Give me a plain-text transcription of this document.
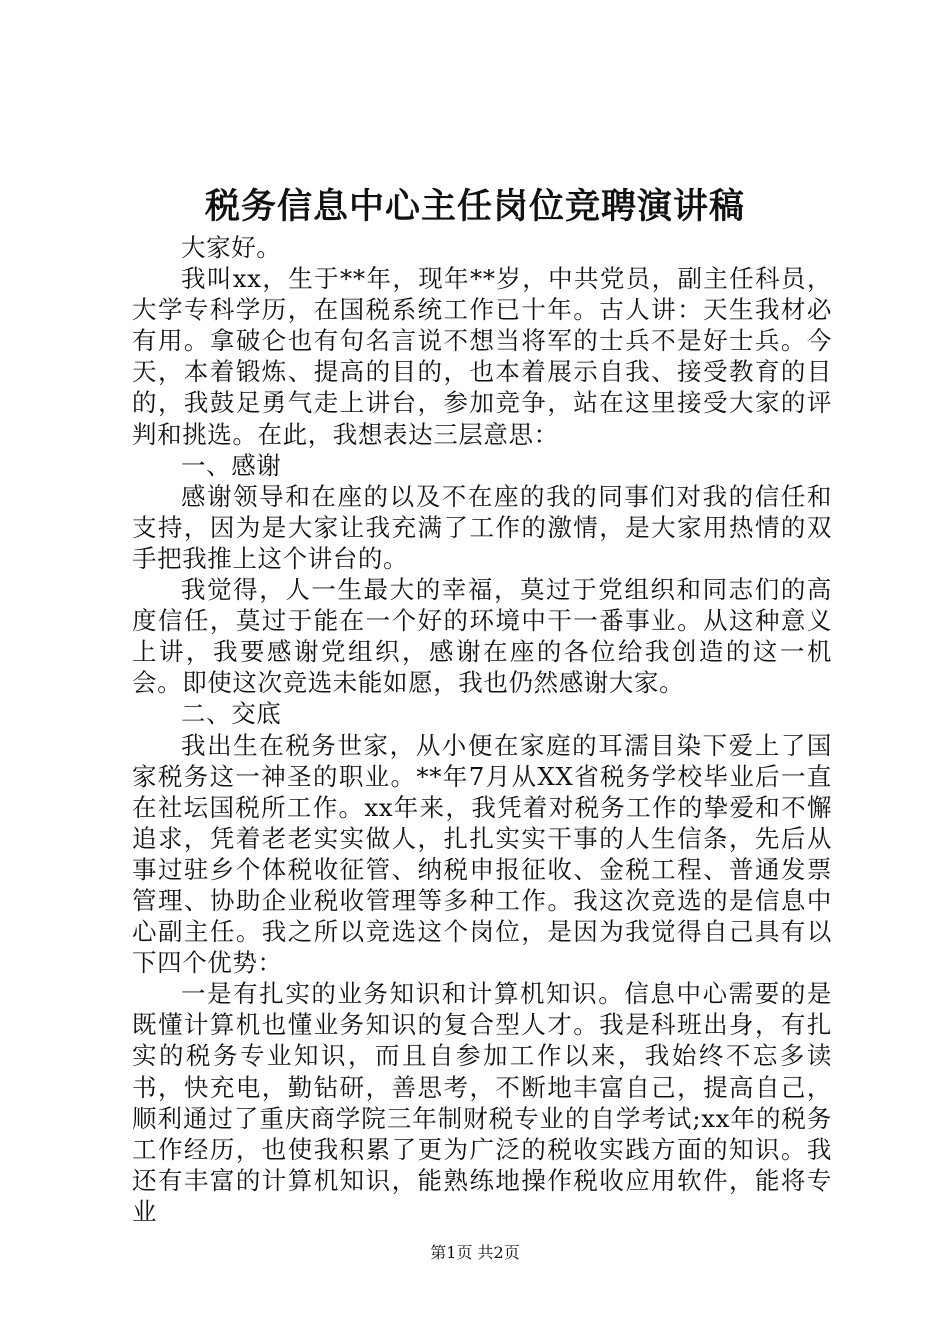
税务信息中心主任岗位竞聘演讲稿

大家好。

我叫xx，生于**年，现年**岁，中共党员，副主任科员，大学专科学历，在国税系统工作已十年。古人讲：天生我材必有用。拿破仑也有句名言说不想当将军的士兵不是好士兵。今天，本着锻炼、提高的目的，也本着展示自我、接受教育的目的，我鼓足勇气走上讲台，参加竞争，站在这里接受大家的评判和挑选。在此，我想表达三层意思：

一、感谢

感谢领导和在座的以及不在座的我的同事们对我的信任和支持，因为是大家让我充满了工作的激情，是大家用热情的双手把我推上这个讲台的。

我觉得，人一生最大的幸福，莫过于党组织和同志们的高度信任，莫过于能在一个好的环境中干一番事业。从这种意义上讲，我要感谢党组织，感谢在座的各位给我创造的这一机会。即使这次竞选未能如愿，我也仍然感谢大家。

二、交底

我出生在税务世家，从小便在家庭的耳濡目染下爱上了国家税务这一神圣的职业。**年7月从XX省税务学校毕业后一直在社坛国税所工作。xx年来，我凭着对税务工作的挚爱和不懈追求，凭着老老实实做人，扎扎实实干事的人生信条，先后从事过驻乡个体税收征管、纳税申报征收、金税工程、普通发票管理、协助企业税收管理等多种工作。我这次竞选的是信息中心副主任。我之所以竞选这个岗位，是因为我觉得自己具有以下四个优势：

一是有扎实的业务知识和计算机知识。信息中心需要的是既懂计算机也懂业务知识的复合型人才。我是科班出身，有扎实的税务专业知识，而且自参加工作以来，我始终不忘多读书，快充电，勤钻研，善思考，不断地丰富自己，提高自己，顺利通过了重庆商学院三年制财税专业的自学考试;xx年的税务工作经历，也使我积累了更为广泛的税收实践方面的知识。我还有丰富的计算机知识，能熟练地操作税收应用软件，能将专业

第1页 共2页
